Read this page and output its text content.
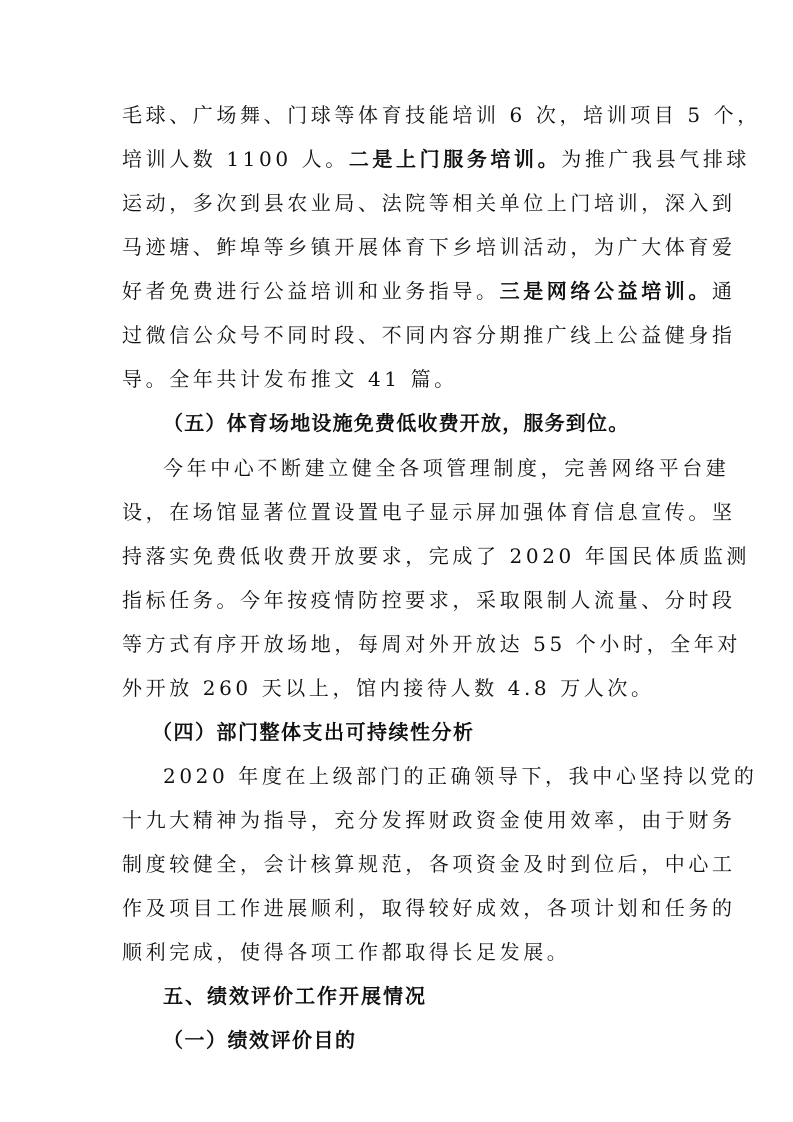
毛球、广场舞、门球等体育技能培训 6 次，培训项目 5 个，
培训人数 1100 人。二是上门服务培训。为推广我县气排球
运动，多次到县农业局、法院等相关单位上门培训，深入到
马迹塘、鲊埠等乡镇开展体育下乡培训活动，为广大体育爱
好者免费进行公益培训和业务指导。三是网络公益培训。通
过微信公众号不同时段、不同内容分期推广线上公益健身指
导。全年共计发布推文 41 篇。
（五）体育场地设施免费低收费开放，服务到位。
今年中心不断建立健全各项管理制度，完善网络平台建
设，在场馆显著位置设置电子显示屏加强体育信息宣传。坚
持落实免费低收费开放要求，完成了 2020 年国民体质监测
指标任务。今年按疫情防控要求，采取限制人流量、分时段
等方式有序开放场地，每周对外开放达 55 个小时，全年对
外开放 260 天以上，馆内接待人数 4.8 万人次。
（四）部门整体支出可持续性分析
2020 年度在上级部门的正确领导下，我中心坚持以党的
十九大精神为指导，充分发挥财政资金使用效率，由于财务
制度较健全，会计核算规范，各项资金及时到位后，中心工
作及项目工作进展顺利，取得较好成效，各项计划和任务的
顺利完成，使得各项工作都取得长足发展。
五、绩效评价工作开展情况
（一）绩效评价目的
